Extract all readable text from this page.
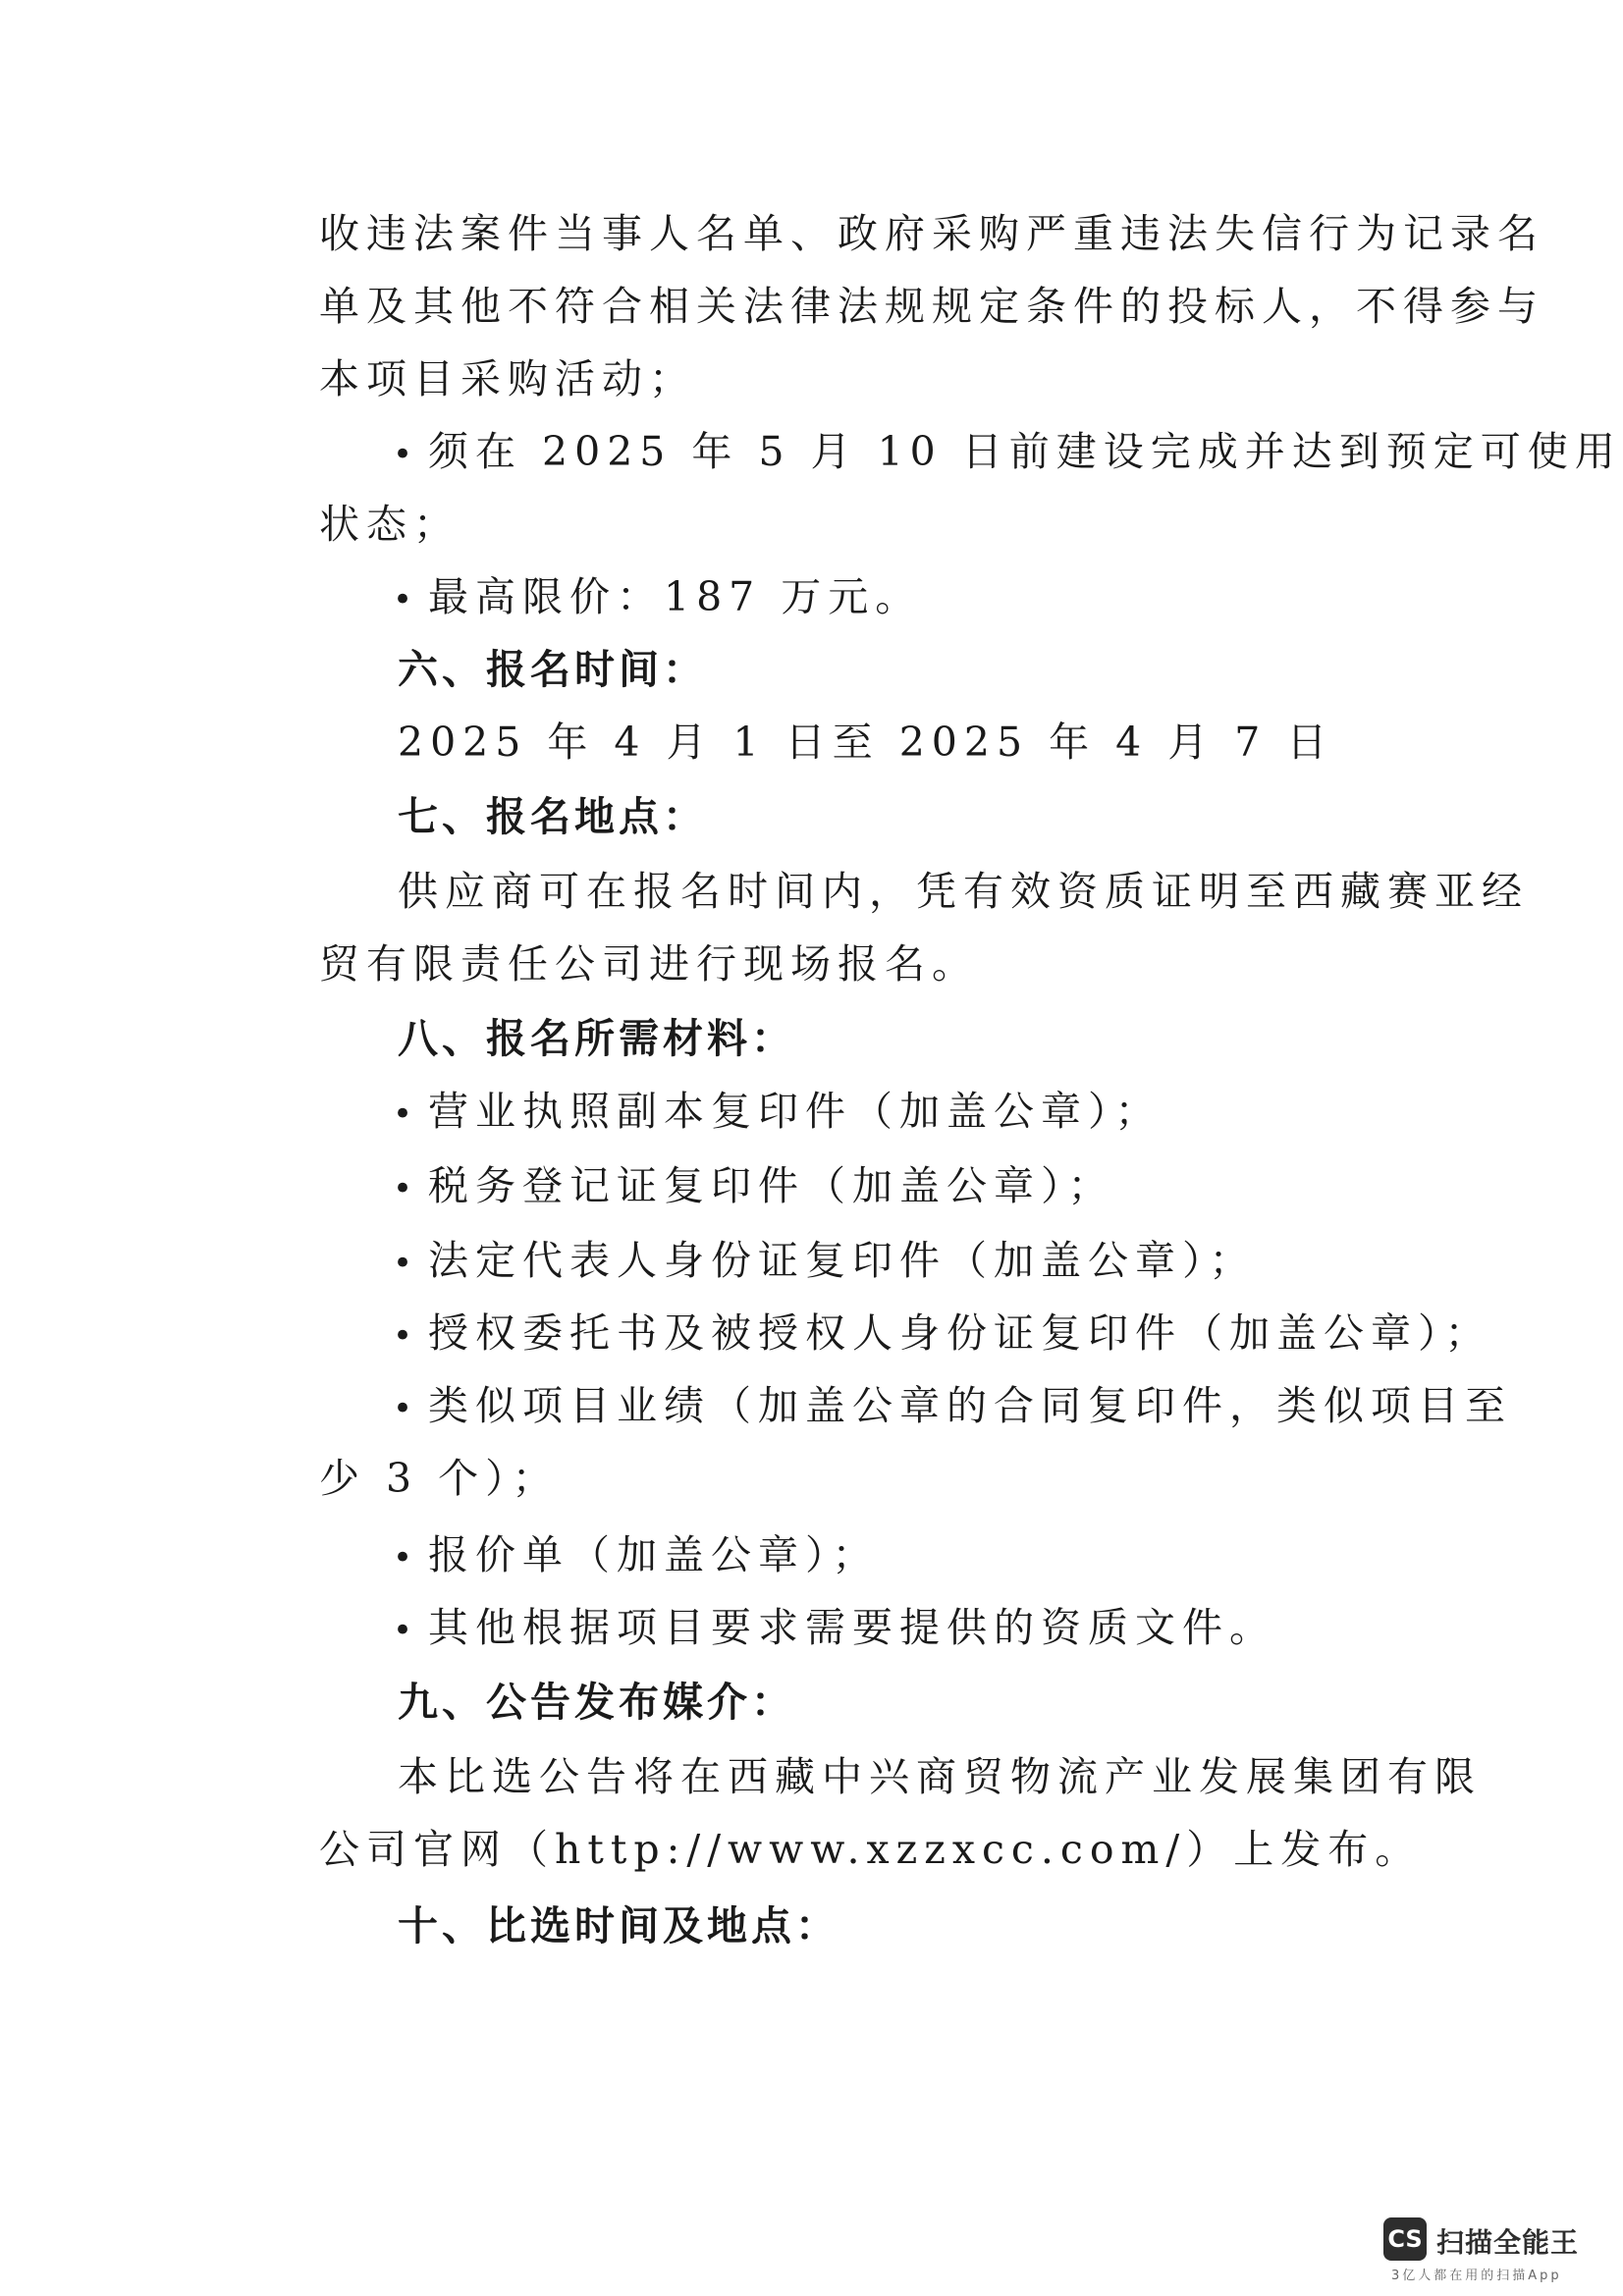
收违法案件当事人名单、政府采购严重违法失信行为记录名
单及其他不符合相关法律法规规定条件的投标人，不得参与
本项目采购活动；
• 须在 2025 年 5 月 10 日前建设完成并达到预定可使用
状态；
• 最高限价：187 万元。
六、报名时间：
2025 年 4 月 1 日至 2025 年 4 月 7 日
七、报名地点：
供应商可在报名时间内，凭有效资质证明至西藏赛亚经
贸有限责任公司进行现场报名。
八、报名所需材料：
• 营业执照副本复印件（加盖公章）；
• 税务登记证复印件（加盖公章）；
• 法定代表人身份证复印件（加盖公章）；
• 授权委托书及被授权人身份证复印件（加盖公章）；
• 类似项目业绩（加盖公章的合同复印件，类似项目至
少 3 个）；
• 报价单（加盖公章）；
• 其他根据项目要求需要提供的资质文件。
九、公告发布媒介：
本比选公告将在西藏中兴商贸物流产业发展集团有限
公司官网（http://www.xzzxcc.com/）上发布。
十、比选时间及地点：
CS 扫描全能王
3亿人都在用的扫描App
